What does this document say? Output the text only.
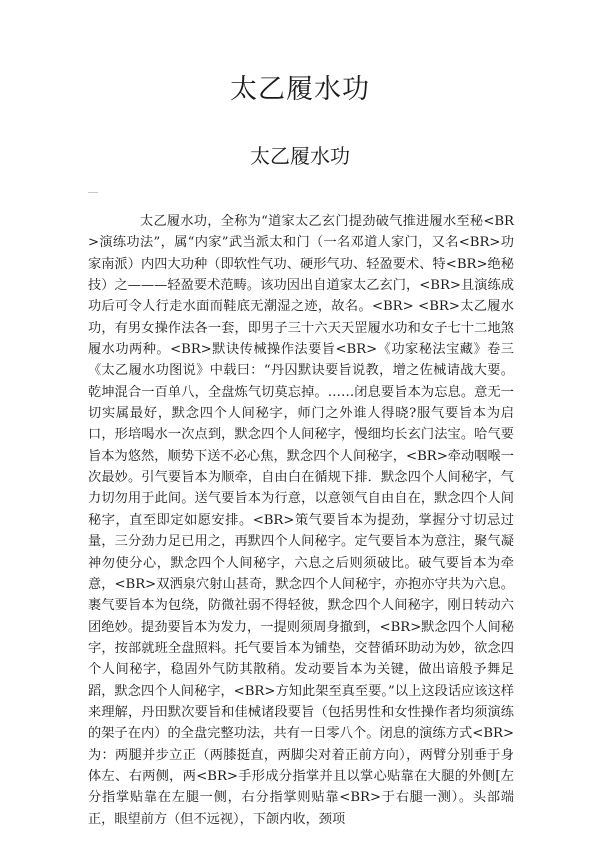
太乙履水功
太乙履水功

太乙履水功，全称为“道家太乙玄门提劲破气推进履水至秘<BR>演练功法”，属“内家”武当派太和门（一名邓道人家门，又名<BR>功家南派）内四大功种（即软性气功、硬形气功、轻盈要术、特<BR>绝秘技）之———轻盈要术范畴。该功因出自道家太乙玄门，<BR>且演练成功后可令人行走水面而鞋底无潮湿之迹，故名。<BR> <BR>太乙履水功，有男女操作法各一套，即男子三十六天天罡履水功和女子七十二地煞履水功两种。<BR>默诀传械操作法要旨<BR>《功家秘法宝藏》卷三《太乙履水功图说》中载曰：“丹囚默诀要旨说教，增之佐械请战大要。乾坤混合一百单八，全盘炼气切莫忘掉。……闭息要旨本为忘息。意无一切实属最好，默念四个人间秘字，师门之外谁人得晓?服气要旨本为启口，形培喝水一次点到，默念四个人间秘字，慢细均长玄门法宝。哈气要旨本为悠然，顺势下送不必心焦，默念四个人间秘字，<BR>牵动咽喉一次最妙。引气要旨本为顺牵，自由白在循规下排．默念四个人间秘字，气力切勿用于此间。送气要旨本为行意，以意领气自由自在，默念四个人间秘字，直至即定如愿安排。<BR>策气要旨本为提劲，掌握分寸切忌过量，三分劲力足已用之，再默四个人间秘字。定气要旨本为意注，聚气凝神勿使分心，默念四个人间秘字，六息之后则须破比。破气要旨本为牵意，<BR>双洒泉穴射山甚奇，默念四个人间秘宇，亦抱亦守共为六息。裹气要旨本为包绕，防微社弱不得轻彼，默念四个人间秘字，刚日转动六团绝妙。提劲要旨本为发力，一提则须周身撤到，<BR>默念四个人间秘字，按部就班全盘照料。托气要旨本为铺垫，交替循环助动为妙，欲念四个人间秘字，稳固外气防其散稍。发动要旨本为关键，做出谙般予舞足蹈，默念四个人间秘字，<BR>方知此架至真至要。”以上这段话应该这样来理解，丹田默次要旨和佳械诸段要旨（包括男性和女性操作者均须演练的架子在内）的全盘完整功法，共有一日零八个。闭息的演练方式<BR>为：两腿并步立正（两膝挺直，两脚尖对着正前方向），两臂分别垂于身体左、右两侧，两<BR>手形成分指掌并且以掌心贴靠在大腿的外侧[左分指掌贴靠在左腿一侧，右分指掌则贴靠<BR>于右腿一测）。头部端正，眼望前方（但不远视），下颌内收，颈项
